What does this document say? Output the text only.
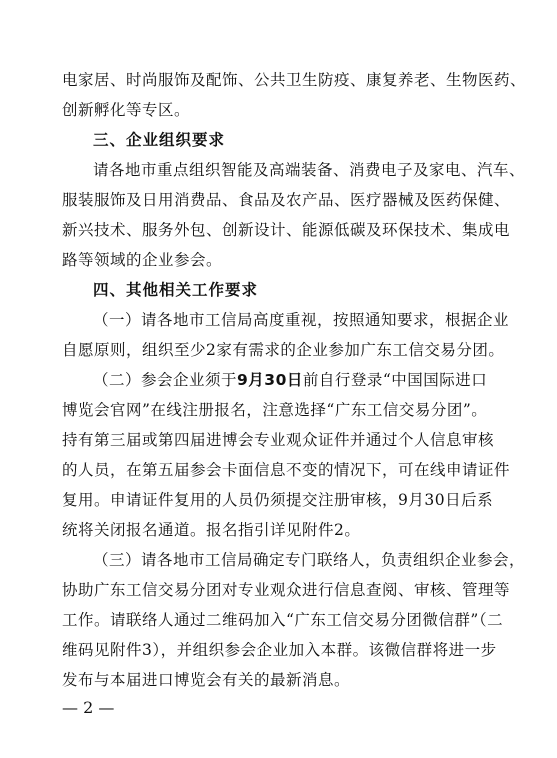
电家居、时尚服饰及配饰、公共卫生防疫、康复养老、生物医药、
创新孵化等专区。
三、企业组织要求
请各地市重点组织智能及高端装备、消费电子及家电、汽车、
服装服饰及日用消费品、食品及农产品、医疗器械及医药保健、
新兴技术、服务外包、创新设计、能源低碳及环保技术、集成电
路等领域的企业参会。
四、其他相关工作要求
（一）请各地市工信局高度重视，按照通知要求，根据企业
自愿原则，组织至少2家有需求的企业参加广东工信交易分团。
（二）参会企业须于9月30日前自行登录“中国国际进口
博览会官网”在线注册报名，注意选择“广东工信交易分团”。
持有第三届或第四届进博会专业观众证件并通过个人信息审核
的人员，在第五届参会卡面信息不变的情况下，可在线申请证件
复用。申请证件复用的人员仍须提交注册审核，9月30日后系
统将关闭报名通道。报名指引详见附件2。
（三）请各地市工信局确定专门联络人，负责组织企业参会，
协助广东工信交易分团对专业观众进行信息查阅、审核、管理等
工作。请联络人通过二维码加入“广东工信交易分团微信群”（二
维码见附件3），并组织参会企业加入本群。该微信群将进一步
发布与本届进口博览会有关的最新消息。
— 2 —
